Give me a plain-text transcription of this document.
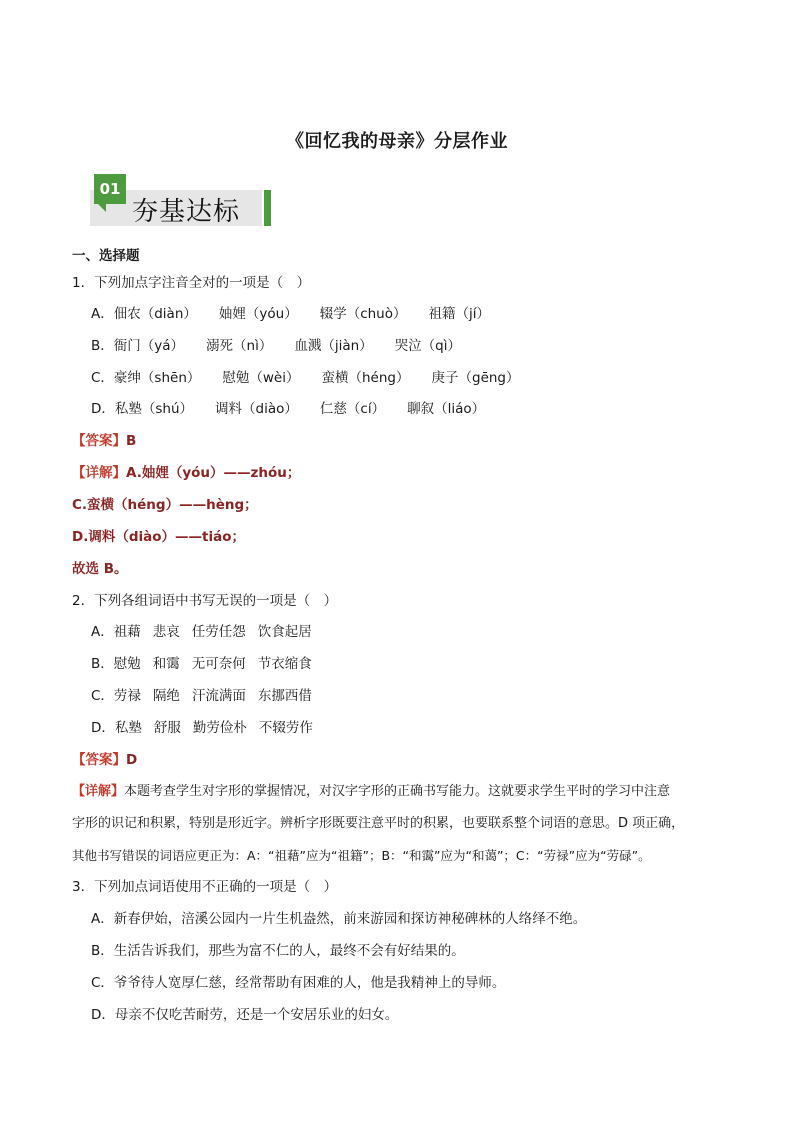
《回忆我的母亲》分层作业
01
夯基达标
一、选择题
1．下列加点字注音全对的一项是（　）
A．佃农（diàn） 妯娌（yóu） 辍学（chuò） 祖籍（jí）
B．衙门（yá） 溺死（nì） 血溅（jiàn） 哭泣（qì）
C．豪绅（shēn） 慰勉（wèi） 蛮横（héng） 庚子（gēng）
D．私塾（shú） 调料（diào） 仁慈（cí） 聊叙（liáo）
【答案】B
【详解】A.妯娌（yóu）——zhóu；
C.蛮横（héng）——hèng；
D.调料（diào）——tiáo；
故选 B。
2．下列各组词语中书写无误的一项是（　）
A．祖藉 悲哀 任劳任怨 饮食起居
B．慰勉 和霭 无可奈何 节衣缩食
C．劳禄 隔绝 汗流满面 东挪西借
D．私塾 舒服 勤劳俭朴 不辍劳作
【答案】D
【详解】本题考查学生对字形的掌握情况，对汉字字形的正确书写能力。这就要求学生平时的学习中注意
字形的识记和积累，特别是形近字。辨析字形既要注意平时的积累，也要联系整个词语的意思。D 项正确，
其他书写错误的词语应更正为：A：“祖藉”应为“祖籍”；B：“和霭”应为“和蔼”；C：“劳禄”应为“劳碌”。
3．下列加点词语使用不正确的一项是（　）
A．新春伊始，涪溪公园内一片生机盎然，前来游园和探访神秘碑林的人络绎不绝。
B．生活告诉我们，那些为富不仁的人，最终不会有好结果的。
C．爷爷待人宽厚仁慈，经常帮助有困难的人，他是我精神上的导师。
D．母亲不仅吃苦耐劳，还是一个安居乐业的妇女。
